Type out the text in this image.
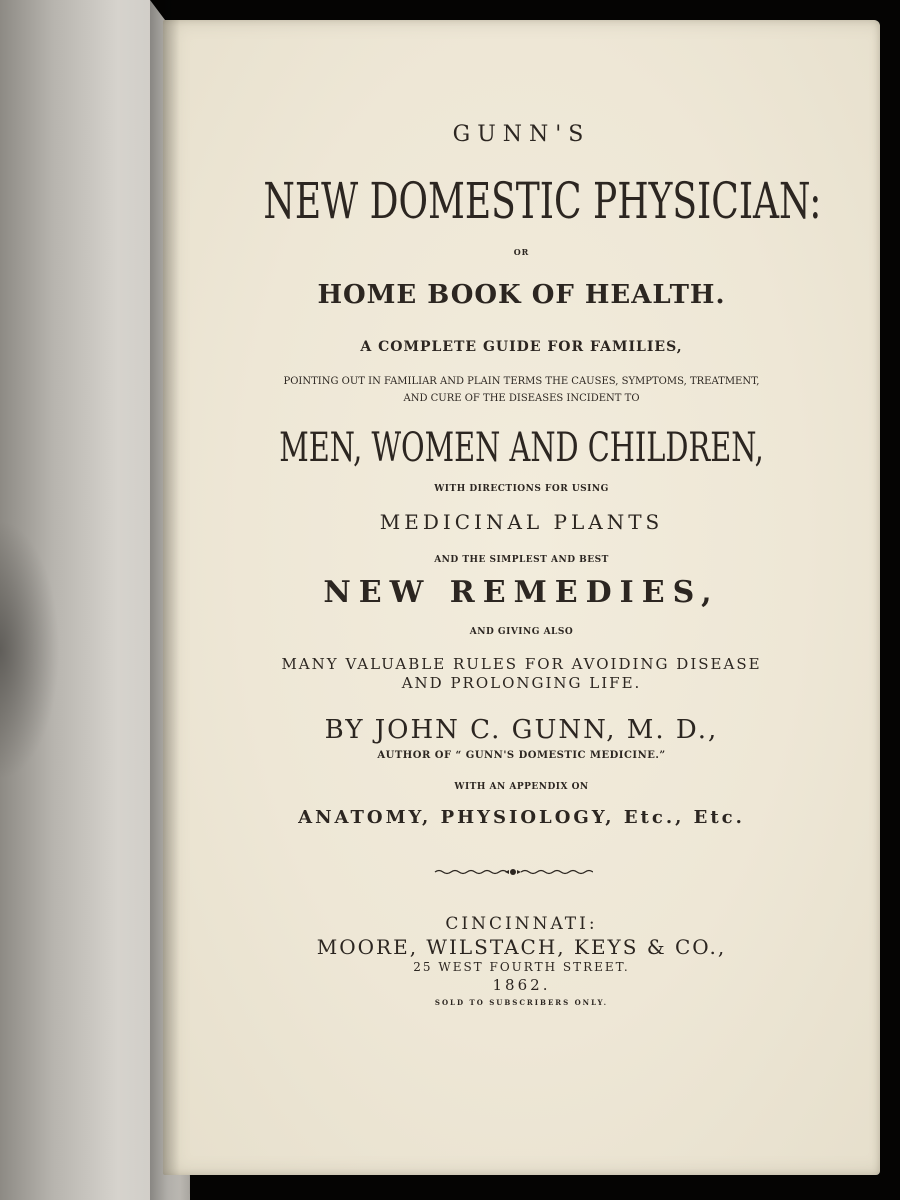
GUNN'S
NEW DOMESTIC PHYSICIAN:
OR
HOME BOOK OF HEALTH.
A COMPLETE GUIDE FOR FAMILIES,
POINTING OUT IN FAMILIAR AND PLAIN TERMS THE CAUSES, SYMPTOMS, TREATMENT,
AND CURE OF THE DISEASES INCIDENT TO
MEN, WOMEN AND CHILDREN,
WITH DIRECTIONS FOR USING
MEDICINAL PLANTS
AND THE SIMPLEST AND BEST
NEW REMEDIES,
AND GIVING ALSO
MANY VALUABLE RULES FOR AVOIDING DISEASE
AND PROLONGING LIFE.
BY JOHN C. GUNN, M. D.,
AUTHOR OF “ GUNN'S DOMESTIC MEDICINE.”
WITH AN APPENDIX ON
ANATOMY, PHYSIOLOGY, Etc., Etc.
CINCINNATI:
MOORE, WILSTACH, KEYS & CO.,
25 WEST FOURTH STREET.
1862.
SOLD TO SUBSCRIBERS ONLY.
